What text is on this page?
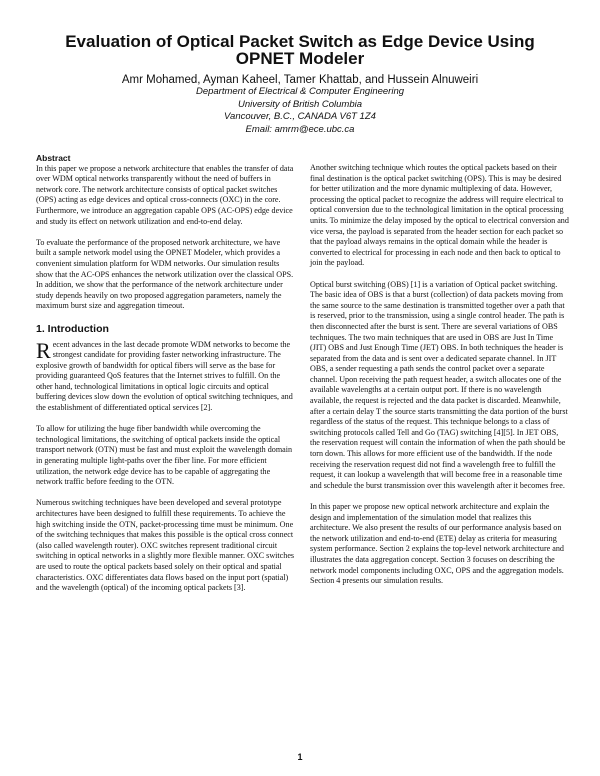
Evaluation of Optical Packet Switch as Edge Device Using
OPNET Modeler
Amr Mohamed, Ayman Kaheel, Tamer Khattab, and Hussein Alnuweiri
Department of Electrical & Computer Engineering
University of British Columbia
Vancouver, B.C., CANADA V6T 1Z4
Email: amrm@ece.ubc.ca
Abstract

In this paper we propose a network architecture that enables the transfer of data over WDM optical networks transparently without the need of buffers in network core. The network architecture consists of optical packet switches (OPS) acting as edge devices and optical cross-connects (OXC) in the core. Furthermore, we introduce an aggregation capable OPS (AC-OPS) edge device and study its effect on network utilization and end-to-end delay.

To evaluate the performance of the proposed network architecture, we have built a sample network model using the OPNET Modeler, which provides a convenient simulation platform for WDM networks. Our simulation results show that the AC-OPS enhances the network utilization over the classical OPS. In addition, we show that the performance of the network architecture under study depends heavily on two proposed aggregation parameters, namely the maximum burst size and aggregation timeout.

1. Introduction

Recent advances in the last decade promote WDM networks to become the strongest candidate for providing faster networking infrastructure. The explosive growth of bandwidth for optical fibers will serve as the base for providing guaranteed QoS features that the Internet strives to fulfill. On the other hand, technological limitations in optical logic circuits and optical buffering devices slow down the evolution of optical switching techniques, and the establishment of differentiated optical services [2].

To allow for utilizing the huge fiber bandwidth while overcoming the technological limitations, the switching of optical packets inside the optical transport network (OTN) must be fast and must exploit the wavelength domain in generating multiple light-paths over the fiber line. For more efficient utilization, the network edge device has to be capable of aggregating the network traffic before feeding to the OTN.

Numerous switching techniques have been developed and several prototype architectures have been designed to fulfill these requirements. To achieve the high switching inside the OTN, packet-processing time must be minimum. One of the switching techniques that makes this possible is the optical cross connect (also called wavelength router). OXC switches represent traditional circuit switching in optical networks in a slightly more flexible manner. OXC switches are used to route the optical packets based solely on their optical and spatial characteristics. OXC differentiates data flows based on the input port (spatial) and the wavelength (optical) of the incoming optical packets [3].

Another switching technique which routes the optical packets based on their final destination is the optical packet switching (OPS). This is may be desired for better utilization and the more dynamic multiplexing of data. However, processing the optical packet to recognize the address will require electrical to optical conversion due to the technological limitation in the optical processing units. To minimize the delay imposed by the optical to electrical conversion and vice versa, the payload is separated from the header section for each packet so that the payload always remains in the optical domain while the header is converted to electrical for processing in each node and then back to optical to join the payload.

Optical burst switching (OBS) [1] is a variation of Optical packet switching. The basic idea of OBS is that a burst (collection) of data packets moving from the same source to the same destination is transmitted together over a path that is reserved, prior to the transmission, using a single control header. The path is then disconnected after the burst is sent. There are several variations of OBS techniques. The two main techniques that are used in OBS are Just In Time (JIT) OBS and Just Enough Time (JET) OBS. In both techniques the header is separated from the data and is sent over a dedicated separate channel. In JIT OBS, a sender requesting a path sends the control packet over a separate channel. Upon receiving the path request header, a switch allocates one of the available wavelengths at a certain output port. If there is no wavelength available, the request is rejected and the data packet is discarded. Meanwhile, after a certain delay T the source starts transmitting the data portion of the burst regardless of the status of the request. This technique belongs to a class of switching protocols called Tell and Go (TAG) switching [4][5]. In JET OBS, the reservation request will contain the information of when the path should be torn down. This allows for more efficient use of the bandwidth. If the node receiving the reservation request did not find a wavelength free to fulfill the request, it can lookup a wavelength that will become free in a reasonable time and schedule the burst transmission over this wavelength after it becomes free.

In this paper we propose new optical network architecture and explain the design and implementation of the simulation model that realizes this architecture. We also present the results of our performance analysis based on the network utilization and end-to-end (ETE) delay as criteria for measuring system performance. Section 2 explains the top-level network architecture and illustrates the data aggregation concept. Section 3 focuses on describing the network model components including OXC, OPS and the aggregation models. Section 4 presents our simulation results.

1
